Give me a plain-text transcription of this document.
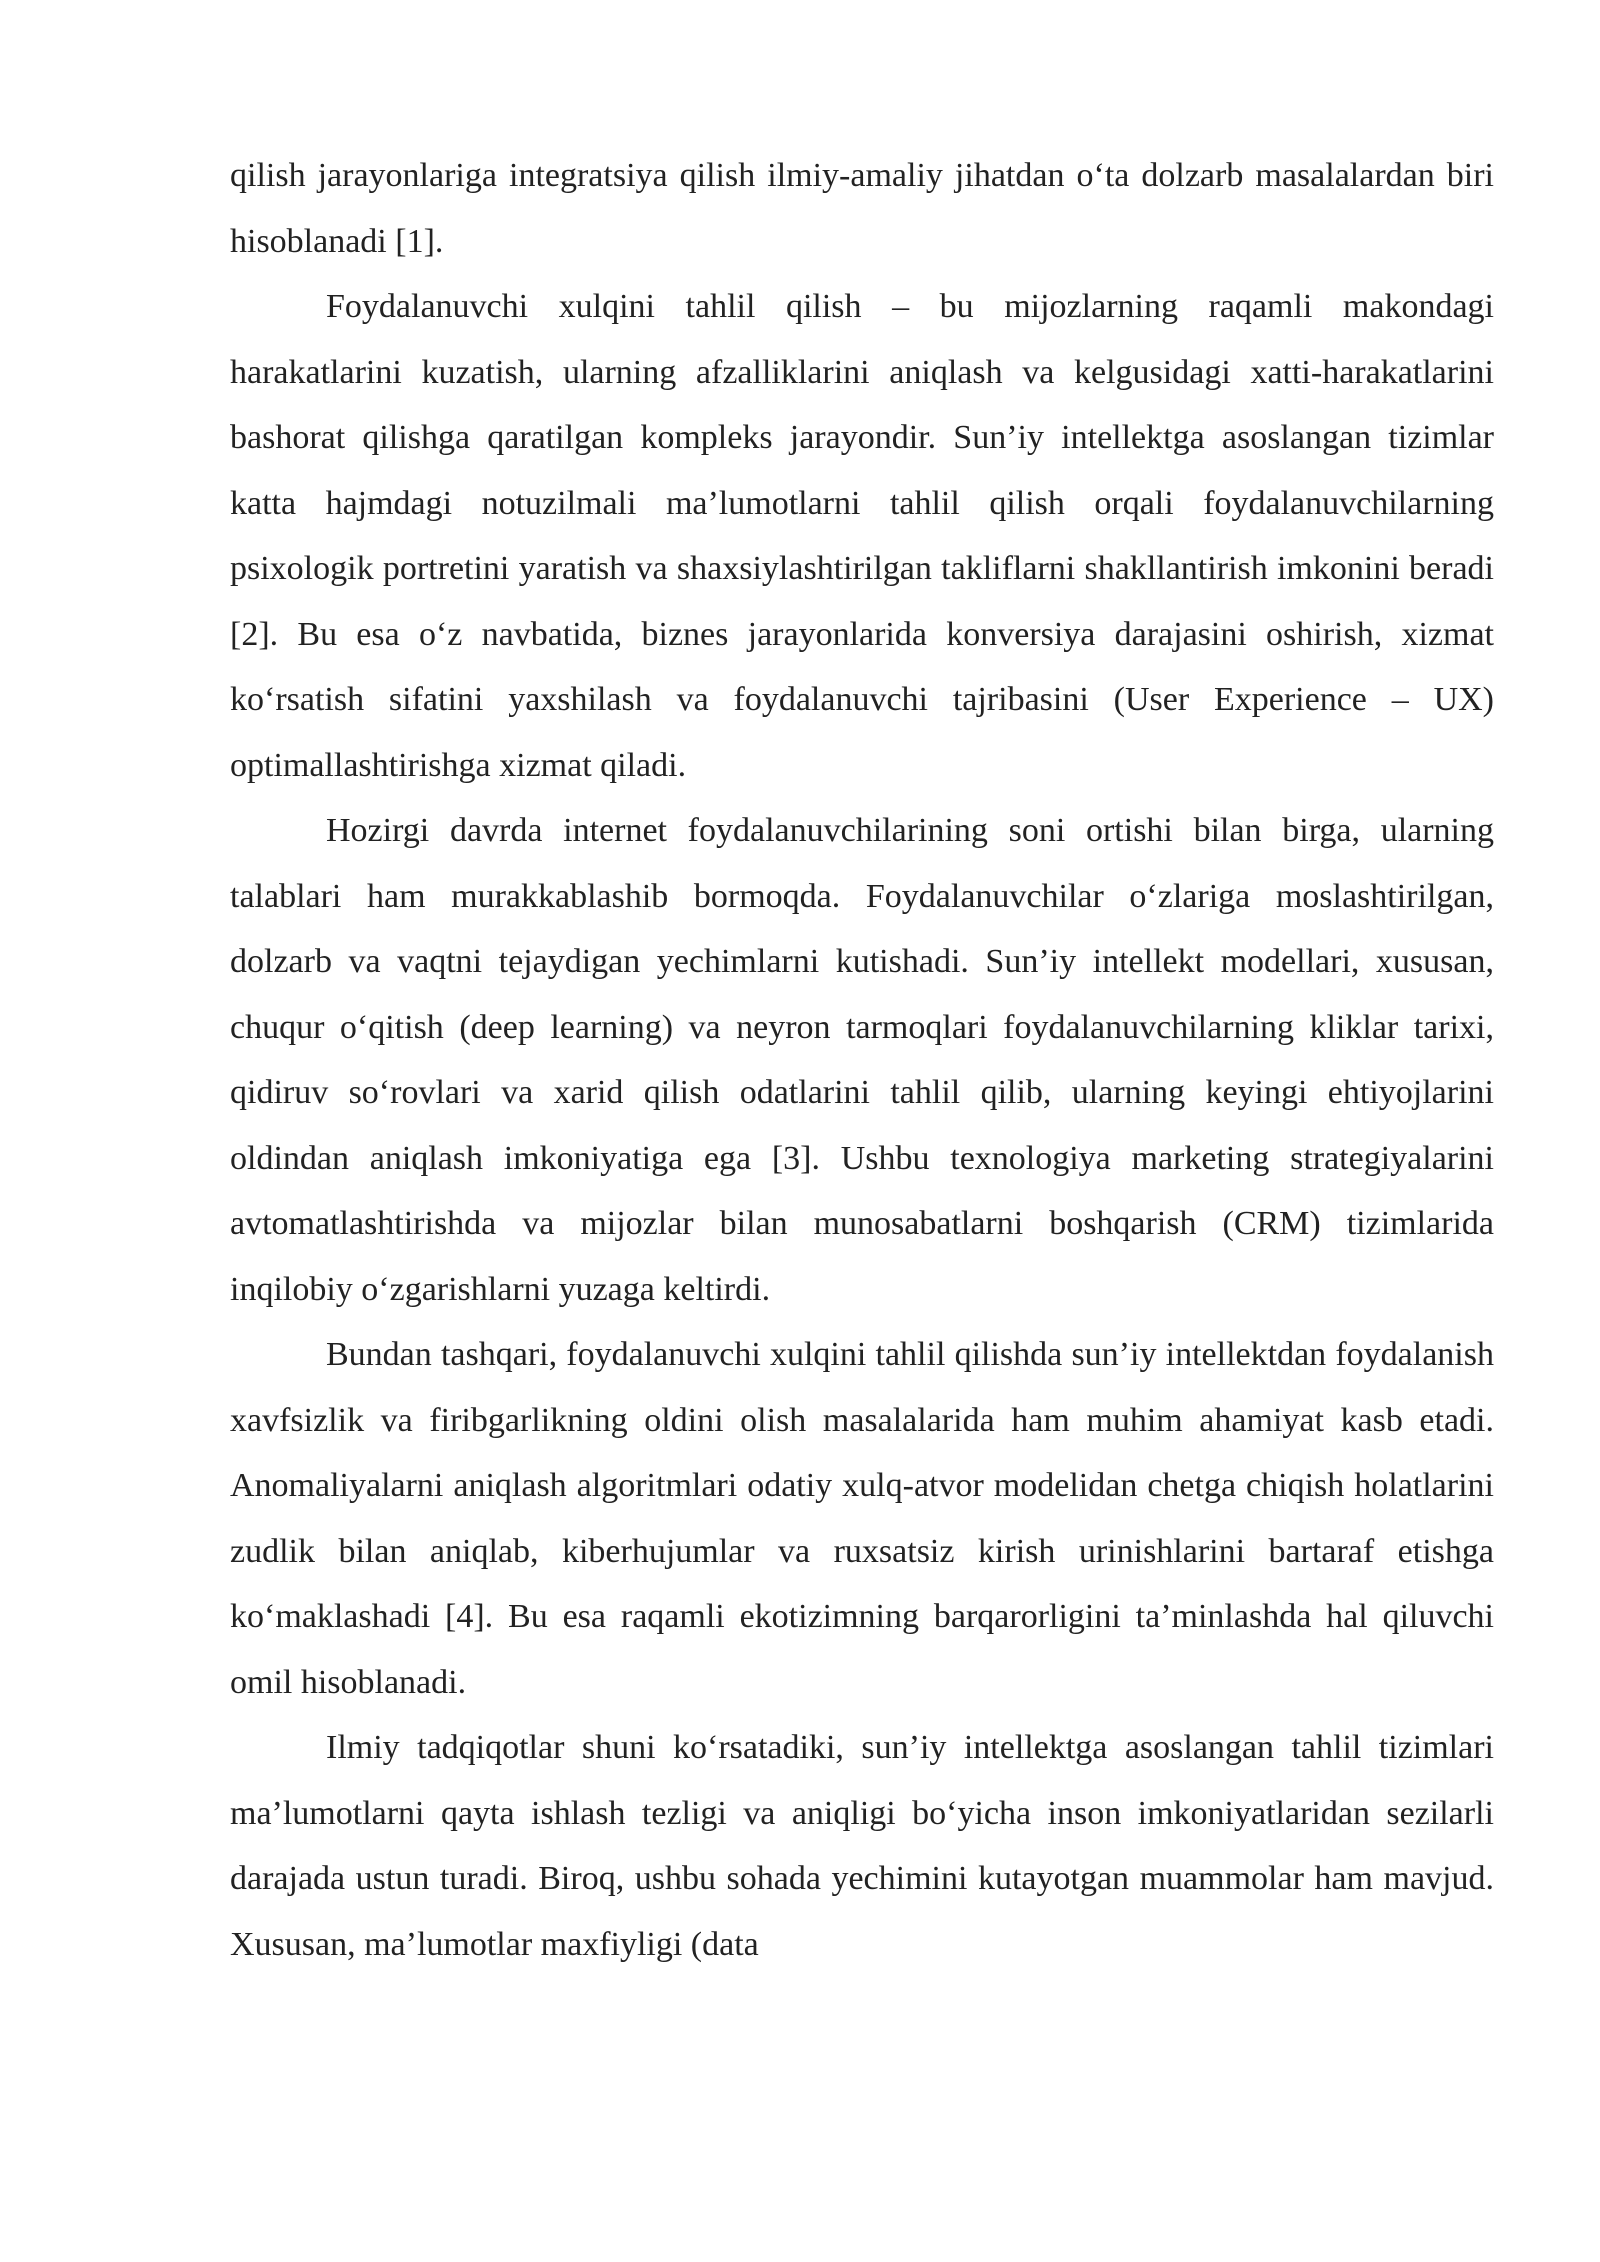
qilish jarayonlariga integratsiya qilish ilmiy-amaliy jihatdan o‘ta dolzarb masalalardan biri hisoblanadi [1].

Foydalanuvchi xulqini tahlil qilish – bu mijozlarning raqamli makondagi harakatlarini kuzatish, ularning afzalliklarini aniqlash va kelgusidagi xatti-harakatlarini bashorat qilishga qaratilgan kompleks jarayondir. Sun’iy intellektga asoslangan tizimlar katta hajmdagi notuzilmali ma’lumotlarni tahlil qilish orqali foydalanuvchilarning psixologik portretini yaratish va shaxsiylashtirilgan takliflarni shakllantirish imkonini beradi [2]. Bu esa o‘z navbatida, biznes jarayonlarida konversiya darajasini oshirish, xizmat ko‘rsatish sifatini yaxshilash va foydalanuvchi tajribasini (User Experience – UX) optimallashtirishga xizmat qiladi.

Hozirgi davrda internet foydalanuvchilarining soni ortishi bilan birga, ularning talablari ham murakkablashib bormoqda. Foydalanuvchilar o‘zlariga moslashtirilgan, dolzarb va vaqtni tejaydigan yechimlarni kutishadi. Sun’iy intellekt modellari, xususan, chuqur o‘qitish (deep learning) va neyron tarmoqlari foydalanuvchilarning kliklar tarixi, qidiruv so‘rovlari va xarid qilish odatlarini tahlil qilib, ularning keyingi ehtiyojlarini oldindan aniqlash imkoniyatiga ega [3]. Ushbu texnologiya marketing strategiyalarini avtomatlashtirishda va mijozlar bilan munosabatlarni boshqarish (CRM) tizimlarida inqilobiy o‘zgarishlarni yuzaga keltirdi.

Bundan tashqari, foydalanuvchi xulqini tahlil qilishda sun’iy intellektdan foydalanish xavfsizlik va firibgarlikning oldini olish masalalarida ham muhim ahamiyat kasb etadi. Anomaliyalarni aniqlash algoritmlari odatiy xulq-atvor modelidan chetga chiqish holatlarini zudlik bilan aniqlab, kiberhujumlar va ruxsatsiz kirish urinishlarini bartaraf etishga ko‘maklashadi [4]. Bu esa raqamli ekotizimning barqarorligini ta’minlashda hal qiluvchi omil hisoblanadi.

Ilmiy tadqiqotlar shuni ko‘rsatadiki, sun’iy intellektga asoslangan tahlil tizimlari ma’lumotlarni qayta ishlash tezligi va aniqligi bo‘yicha inson imkoniyatlaridan sezilarli darajada ustun turadi. Biroq, ushbu sohada yechimini kutayotgan muammolar ham mavjud. Xususan, ma’lumotlar maxfiyligi (data
